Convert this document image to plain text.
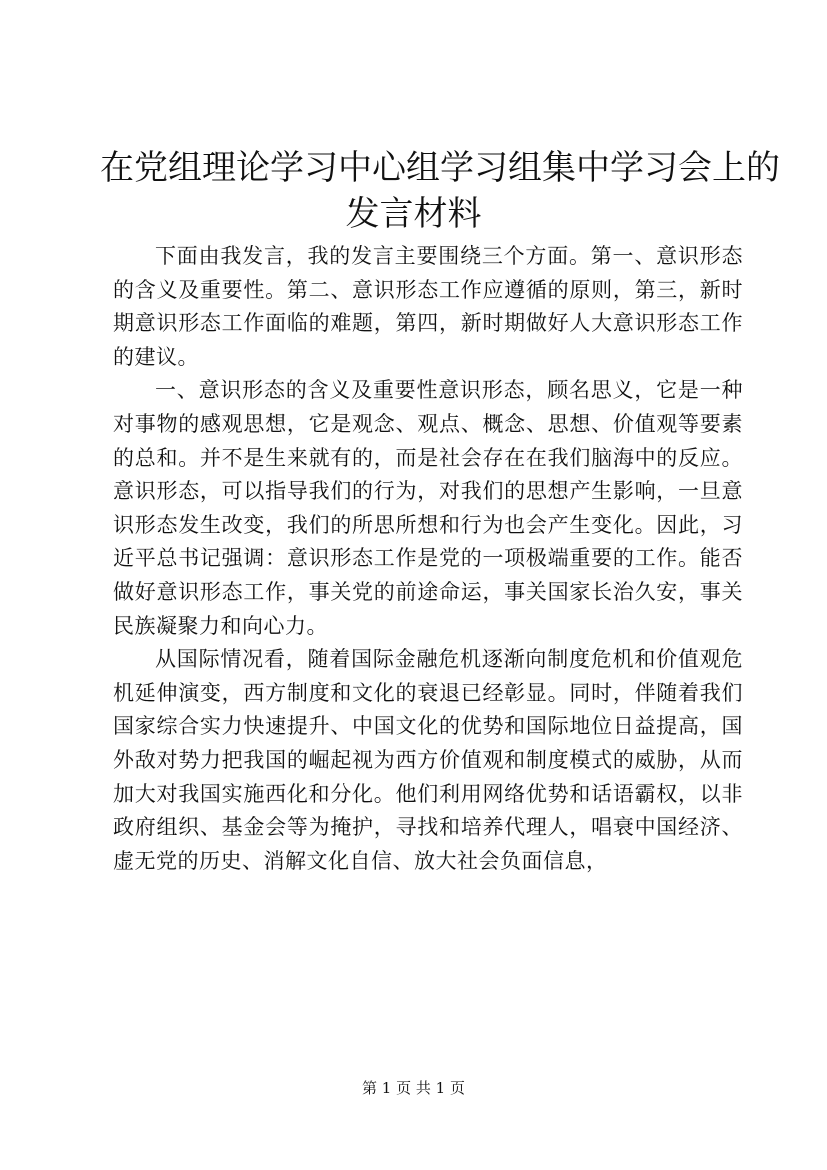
在党组理论学习中心组学习组集中学习会上的
发言材料

下面由我发言，我的发言主要围绕三个方面。第一、意识形态的含义及重要性。第二、意识形态工作应遵循的原则，第三，新时期意识形态工作面临的难题，第四，新时期做好人大意识形态工作的建议。

一、意识形态的含义及重要性意识形态，顾名思义，它是一种对事物的感观思想，它是观念、观点、概念、思想、价值观等要素的总和。并不是生来就有的，而是社会存在在我们脑海中的反应。意识形态，可以指导我们的行为，对我们的思想产生影响，一旦意识形态发生改变，我们的所思所想和行为也会产生变化。因此，习近平总书记强调：意识形态工作是党的一项极端重要的工作。能否做好意识形态工作，事关党的前途命运，事关国家长治久安，事关民族凝聚力和向心力。

从国际情况看，随着国际金融危机逐渐向制度危机和价值观危机延伸演变，西方制度和文化的衰退已经彰显。同时，伴随着我们国家综合实力快速提升、中国文化的优势和国际地位日益提高，国外敌对势力把我国的崛起视为西方价值观和制度模式的威胁，从而加大对我国实施西化和分化。他们利用网络优势和话语霸权，以非政府组织、基金会等为掩护，寻找和培养代理人，唱衰中国经济、虚无党的历史、消解文化自信、放大社会负面信息，

第 1 页 共 1 页
